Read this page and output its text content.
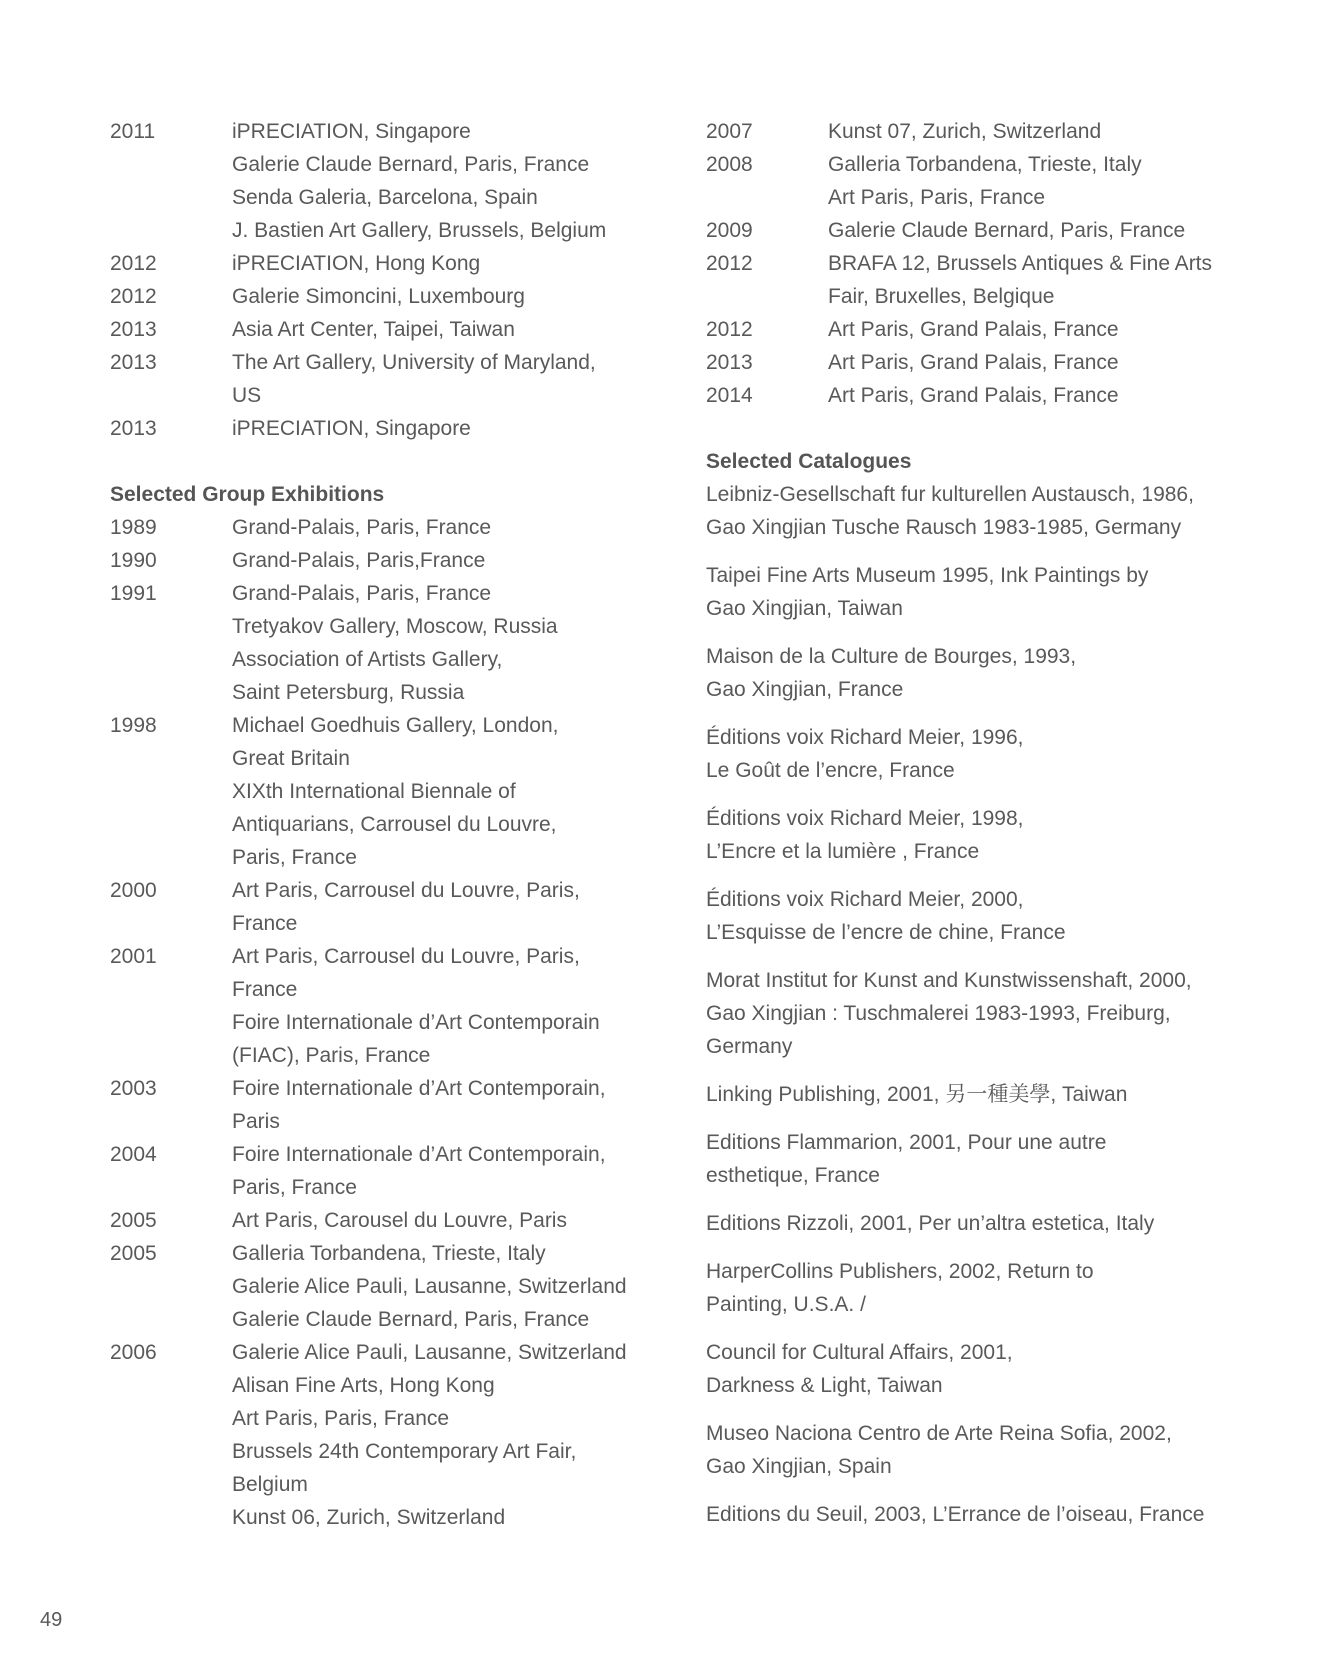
2011	iPRECIATION, Singapore
Galerie Claude Bernard, Paris, France
Senda Galeria, Barcelona, Spain
J. Bastien Art Gallery, Brussels, Belgium
2012	iPRECIATION, Hong Kong
2012	Galerie Simoncini, Luxembourg
2013	Asia Art Center, Taipei, Taiwan
2013	The Art Gallery, University of Maryland,
US
2013	iPRECIATION, Singapore
Selected Group Exhibitions
1989	Grand-Palais, Paris, France
1990	Grand-Palais, Paris,France
1991	Grand-Palais, Paris, France
Tretyakov Gallery, Moscow, Russia
Association of Artists Gallery,
Saint Petersburg, Russia
1998	Michael Goedhuis Gallery, London,
Great Britain
XIXth International Biennale of
Antiquarians, Carrousel du Louvre,
Paris, France
2000	Art Paris, Carrousel du Louvre, Paris,
France
2001	Art Paris, Carrousel du Louvre, Paris,
France
Foire Internationale d’Art Contemporain
(FIAC), Paris, France
2003	Foire Internationale d’Art Contemporain,
Paris
2004	Foire Internationale d’Art Contemporain,
Paris, France
2005	Art Paris, Carousel du Louvre, Paris
2005	Galleria Torbandena, Trieste, Italy
Galerie Alice Pauli, Lausanne, Switzerland
Galerie Claude Bernard, Paris, France
2006	Galerie Alice Pauli, Lausanne, Switzerland
Alisan Fine Arts, Hong Kong
Art Paris, Paris, France
Brussels 24th Contemporary Art Fair,
Belgium
Kunst 06, Zurich, Switzerland
2007	Kunst 07, Zurich, Switzerland
2008	Galleria Torbandena, Trieste, Italy
Art Paris, Paris, France
2009	Galerie Claude Bernard, Paris, France
2012	BRAFA 12, Brussels Antiques & Fine Arts
Fair, Bruxelles, Belgique
2012	Art Paris, Grand Palais, France
2013	Art Paris, Grand Palais, France
2014	Art Paris, Grand Palais, France
Selected Catalogues
Leibniz-Gesellschaft fur kulturellen Austausch, 1986,
Gao Xingjian Tusche Rausch 1983-1985, Germany
Taipei Fine Arts Museum 1995, Ink Paintings by
Gao Xingjian, Taiwan
Maison de la Culture de Bourges, 1993,
Gao Xingjian, France
Éditions voix Richard Meier, 1996,
Le Goût de l’encre, France
Éditions voix Richard Meier, 1998,
L’Encre et la lumière , France
Éditions voix Richard Meier, 2000,
L’Esquisse de l’encre de chine, France
Morat Institut for Kunst and Kunstwissenshaft, 2000,
Gao Xingjian : Tuschmalerei 1983-1993, Freiburg,
Germany
Linking Publishing, 2001, 另一種美學, Taiwan
Editions Flammarion, 2001, Pour une autre
esthetique, France
Editions Rizzoli, 2001, Per un’altra estetica, Italy
HarperCollins Publishers, 2002, Return to
Painting, U.S.A. /
Council for Cultural Affairs, 2001,
Darkness & Light, Taiwan
Museo Naciona Centro de Arte Reina Sofia, 2002,
Gao Xingjian, Spain
Editions du Seuil, 2003, L’Errance de l’oiseau, France
49
